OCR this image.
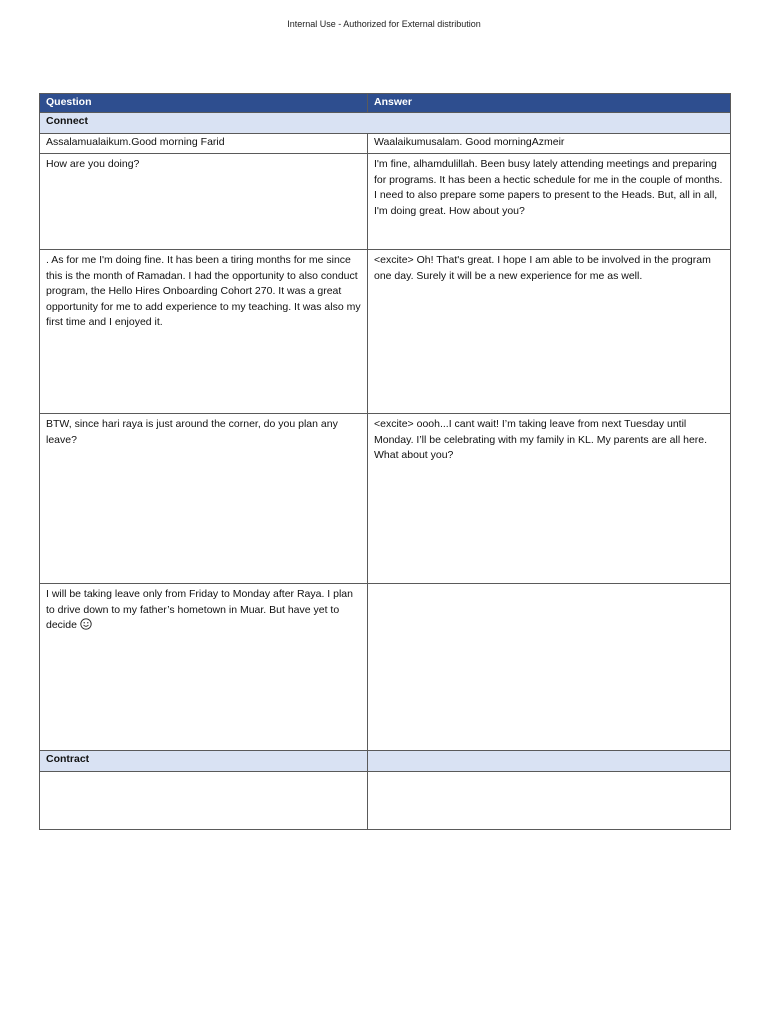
Internal Use - Authorized for External distribution
Question	Answer
Connect	
Assalamualaikum.Good morning Farid	Waalaikumusalam. Good morningAzmeir
How are you doing?	I'm fine, alhamdulillah. Been busy lately attending meetings and preparing for programs. It has been a hectic schedule for me in the couple of months. I need to also prepare some papers to present to the Heads. But, all in all, I'm doing great. How about you?
. As for me I'm doing fine. It has been a tiring months for me since this is the month of Ramadan. I had the opportunity to also conduct program, the Hello Hires Onboarding Cohort 270. It was a great opportunity for me to add experience to my teaching. It was also my first time and I enjoyed it.	<excite> Oh! That's great. I hope I am able to be involved in the program one day. Surely it will be a new experience for me as well.
BTW, since hari raya is just around the corner, do you plan any leave?	<excite> oooh...I cant wait! I’m taking leave from next Tuesday until Monday. I’ll be celebrating with my family in KL. My parents are all here. What about you?
I will be taking leave only from Friday to Monday after Raya. I plan to drive down to my father’s hometown in Muar. But have yet to decide	
Contract	
